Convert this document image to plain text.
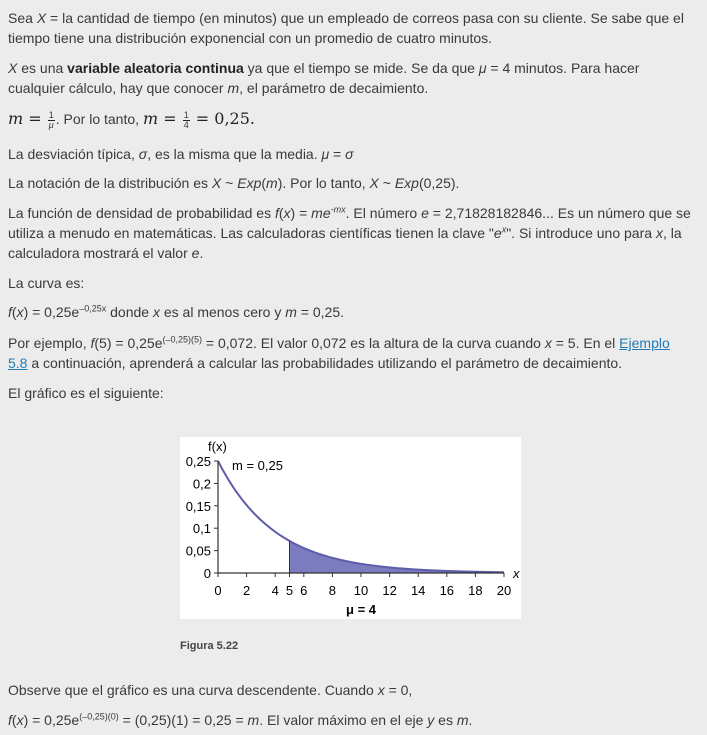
Sea X = la cantidad de tiempo (en minutos) que un empleado de correos pasa con su cliente. Se sabe que el tiempo tiene una distribución exponencial con un promedio de cuatro minutos.

X es una variable aleatoria continua ya que el tiempo se mide. Se da que μ = 4 minutos. Para hacer cualquier cálculo, hay que conocer m, el parámetro de decaimiento.

$m = \frac{1}{\mu}$ . Por lo tanto, $m = \frac{1}{4} = 0,25$.

La desviación típica, σ, es la misma que la media. μ = σ

La notación de la distribución es X ~ Exp(m). Por lo tanto, X ~ Exp(0,25).

La función de densidad de probabilidad es $f(x) = me^{-mx}$. El número e = 2,71828182846... Es un número que se utiliza a menudo en matemáticas. Las calculadoras científicas tienen la clave "$e^x$". Si introduce uno para x, la calculadora mostrará el valor e.

La curva es:

$f(x) = 0,25e^{-0,25x}$ donde x es al menos cero y m = 0,25.

Por ejemplo, $f(5) = 0,25e^{(-0,25)(5)} = 0,072$. El valor 0,072 es la altura de la curva cuando x = 5. En el Ejemplo 5.8 a continuación, aprenderá a calcular las probabilidades utilizando el parámetro de decaimiento.

El gráfico es el siguiente:

0,25
0,2
0,15
0,1
0,05
0
0 2 4 5 6 8 10 12 14 16 18 20
f(x)
x
m = 0,25
μ = 4
Figura 5.22

Observe que el gráfico es una curva descendente. Cuando x = 0,

$f(x) = 0,25e^{(-0,25)(0)} = (0,25)(1) = 0,25 = m$. El valor máximo en el eje y es m.
